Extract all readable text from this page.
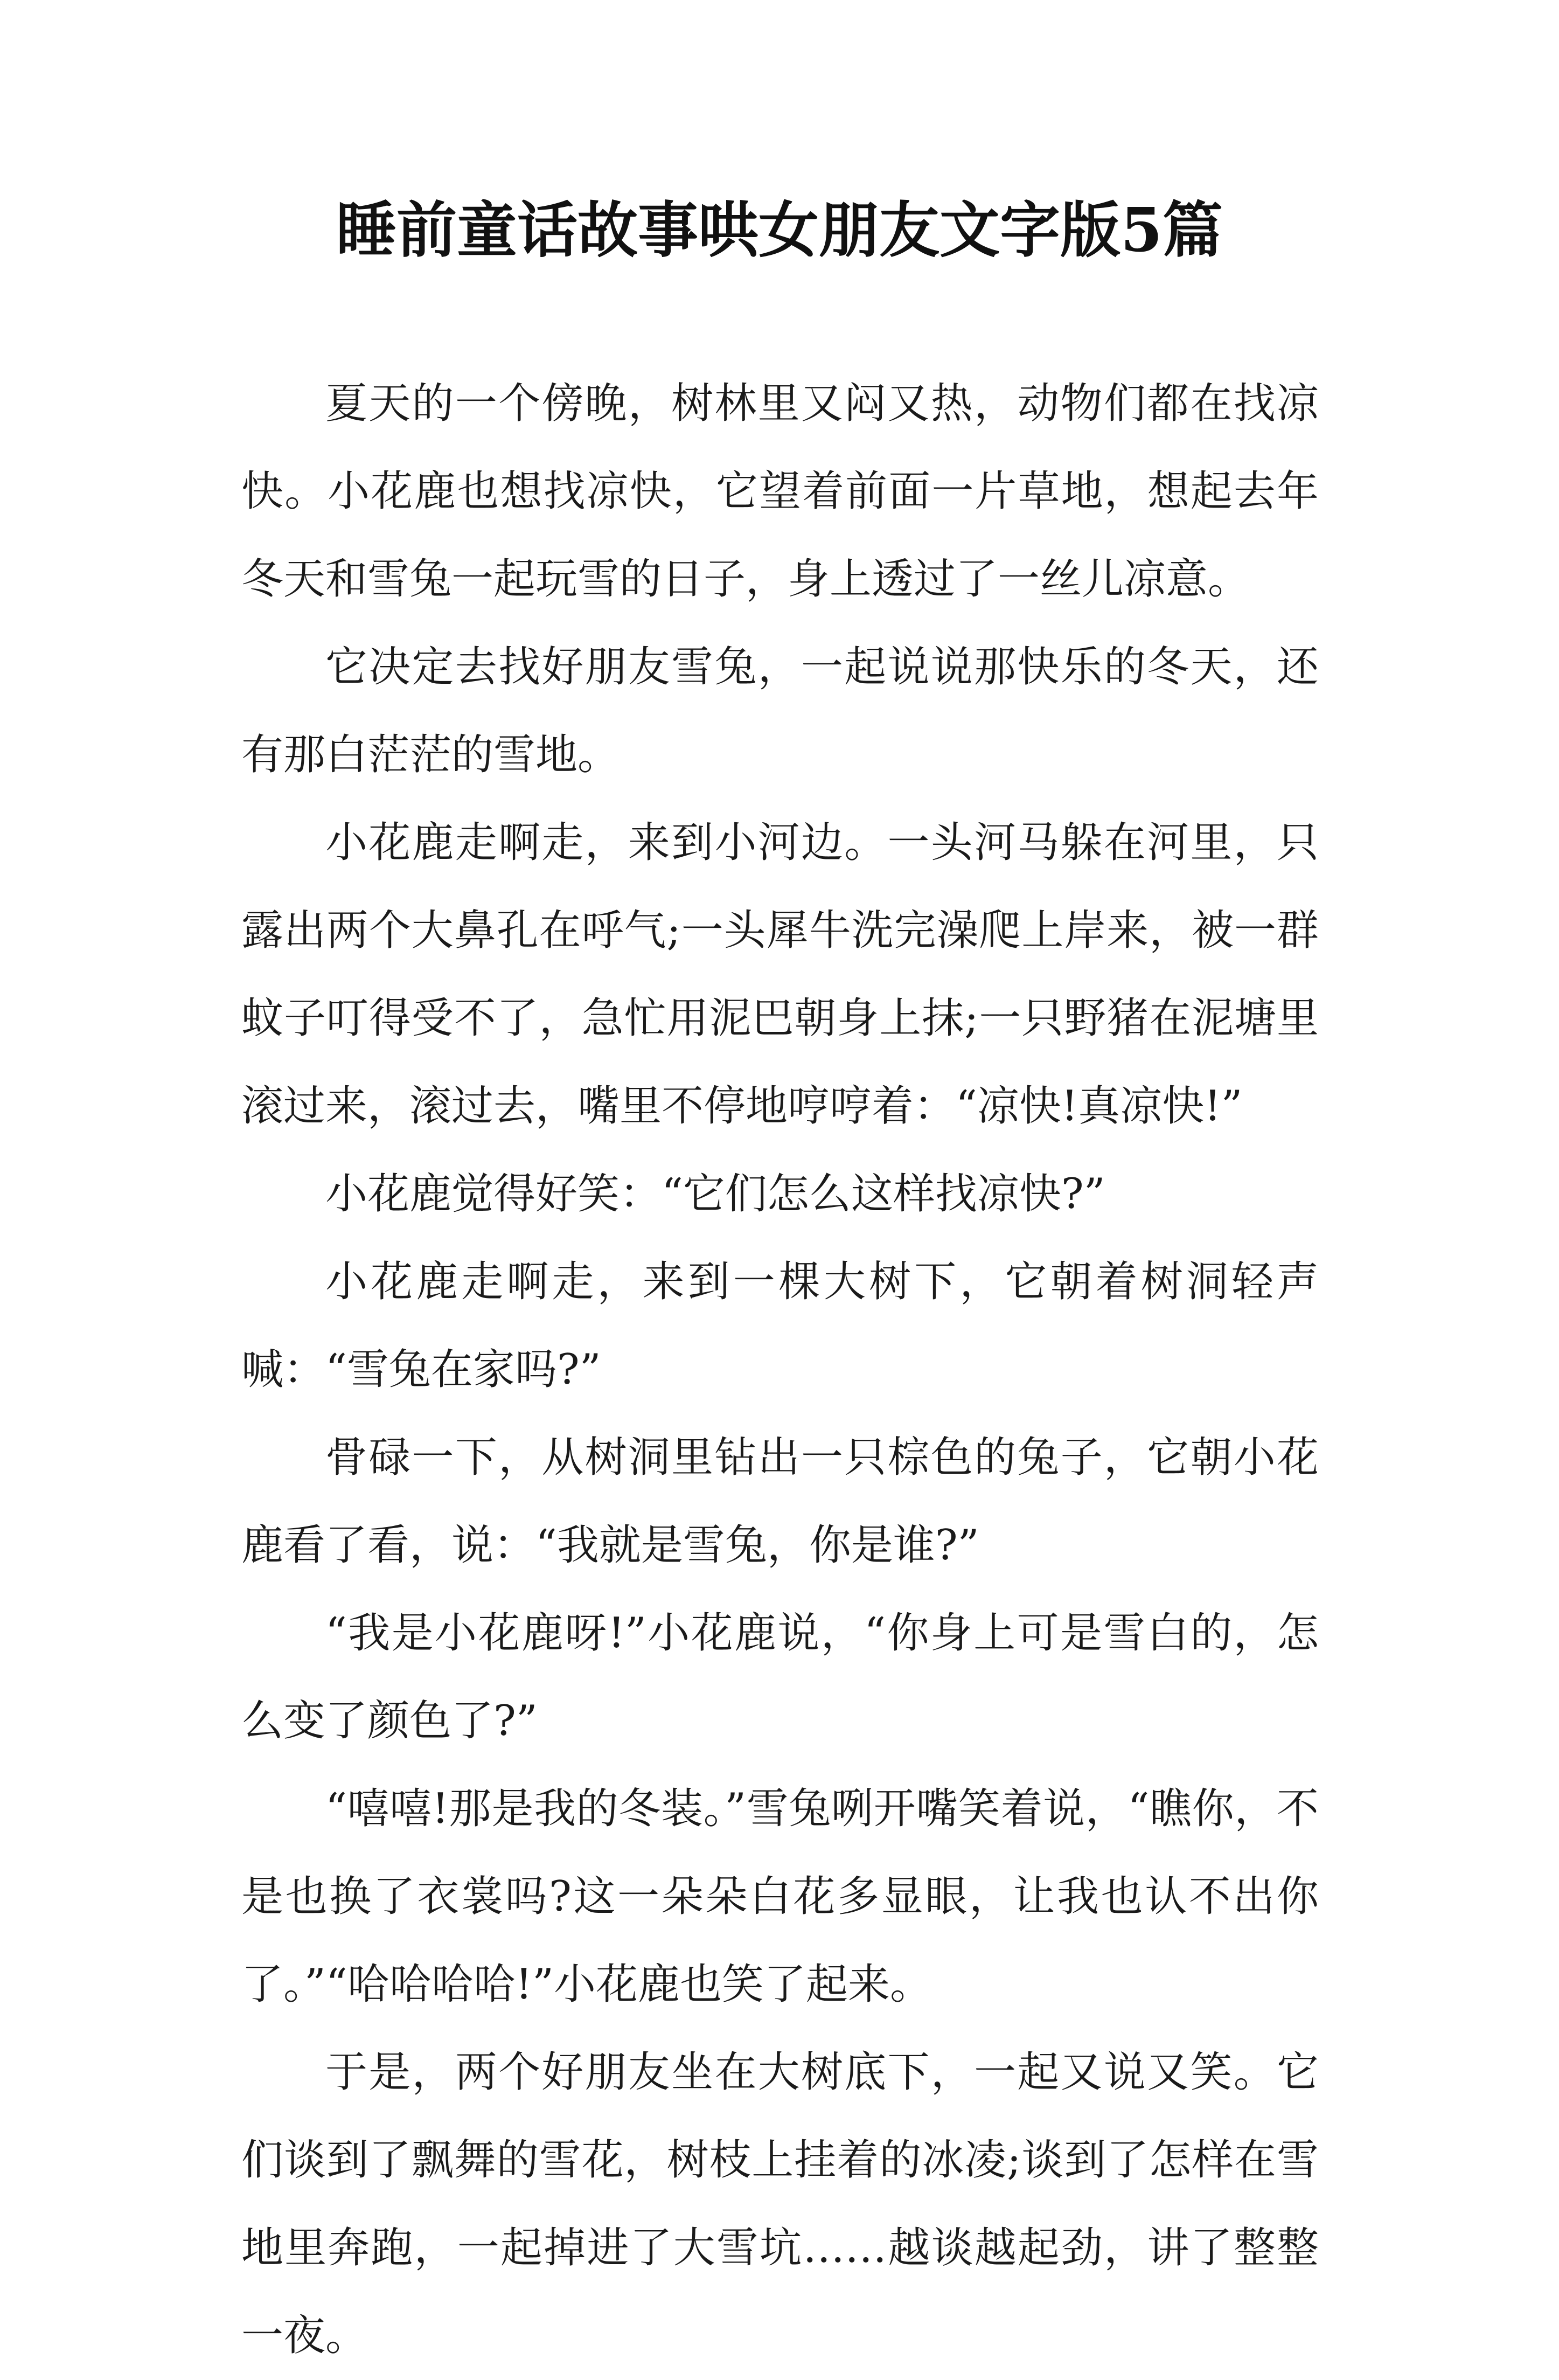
睡前童话故事哄女朋友文字版5篇

夏天的一个傍晚，树林里又闷又热，动物们都在找凉快。小花鹿也想找凉快，它望着前面一片草地，想起去年冬天和雪兔一起玩雪的日子，身上透过了一丝儿凉意。

它决定去找好朋友雪兔，一起说说那快乐的冬天，还有那白茫茫的雪地。

小花鹿走啊走，来到小河边。一头河马躲在河里，只露出两个大鼻孔在呼气;一头犀牛洗完澡爬上岸来，被一群蚊子叮得受不了，急忙用泥巴朝身上抹;一只野猪在泥塘里滚过来，滚过去，嘴里不停地哼哼着：“凉快!真凉快!”

小花鹿觉得好笑：“它们怎么这样找凉快?”

小花鹿走啊走，来到一棵大树下，它朝着树洞轻声喊：“雪兔在家吗?”

骨碌一下，从树洞里钻出一只棕色的兔子，它朝小花鹿看了看，说：“我就是雪兔，你是谁?”

“我是小花鹿呀!”小花鹿说，“你身上可是雪白的，怎么变了颜色了?”

“嘻嘻!那是我的冬装。”雪兔咧开嘴笑着说，“瞧你，不是也换了衣裳吗?这一朵朵白花多显眼，让我也认不出你了。”“哈哈哈哈!”小花鹿也笑了起来。

于是，两个好朋友坐在大树底下，一起又说又笑。它们谈到了飘舞的雪花，树枝上挂着的冰凌;谈到了怎样在雪地里奔跑，一起掉进了大雪坑……越谈越起劲，讲了整整一夜。
